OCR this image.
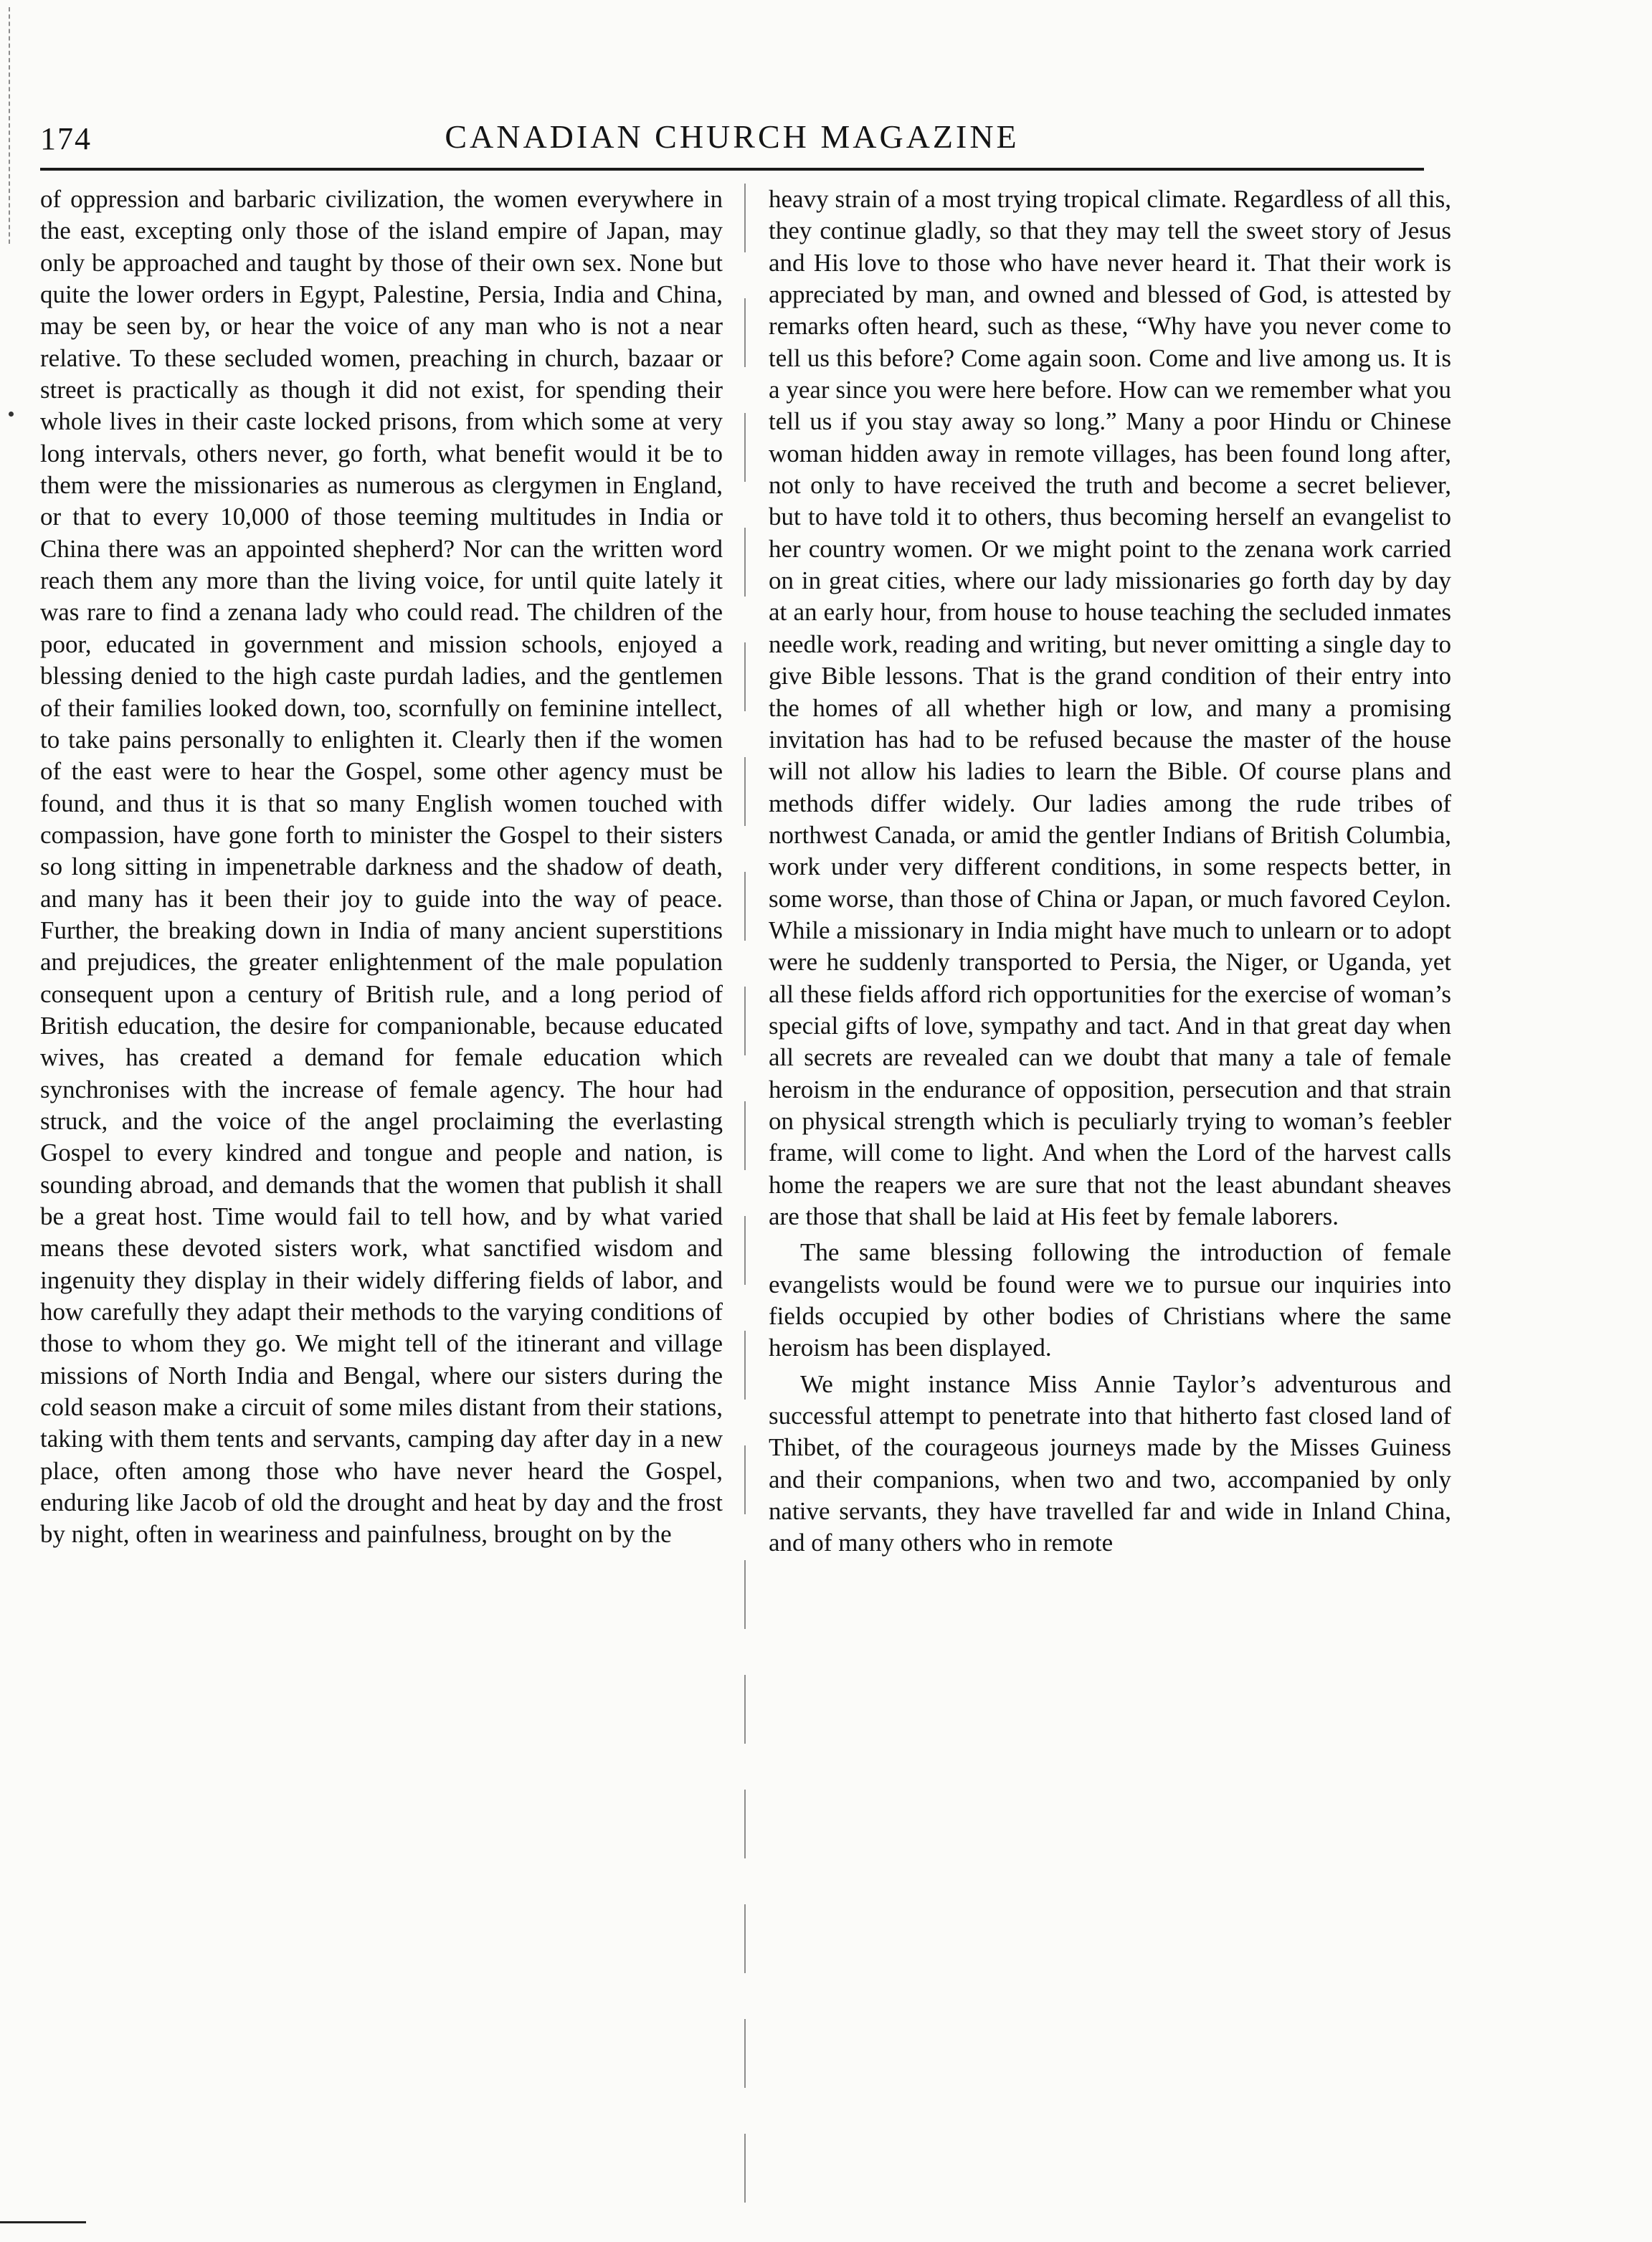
174	CANADIAN CHURCH MAGAZINE

of oppression and barbaric civilization, the women everywhere in the east, excepting only those of the island empire of Japan, may only be approached and taught by those of their own sex. None but quite the lower orders in Egypt, Palestine, Persia, India and China, may be seen by, or hear the voice of any man who is not a near relative. To these secluded women, preaching in church, bazaar or street is practically as though it did not exist, for spending their whole lives in their caste locked prisons, from which some at very long intervals, others never, go forth, what benefit would it be to them were the missionaries as numerous as clergymen in England, or that to every 10,000 of those teeming multitudes in India or China there was an appointed shepherd? Nor can the written word reach them any more than the living voice, for until quite lately it was rare to find a zenana lady who could read. The children of the poor, educated in government and mission schools, enjoyed a blessing denied to the high caste purdah ladies, and the gentlemen of their families looked down, too, scornfully on feminine intellect, to take pains personally to enlighten it. Clearly then if the women of the east were to hear the Gospel, some other agency must be found, and thus it is that so many English women touched with compassion, have gone forth to minister the Gospel to their sisters so long sitting in impenetrable darkness and the shadow of death, and many has it been their joy to guide into the way of peace. Further, the breaking down in India of many ancient superstitions and prejudices, the greater enlightenment of the male population consequent upon a century of British rule, and a long period of British education, the desire for companionable, because educated wives, has created a demand for female education which synchronises with the increase of female agency. The hour had struck, and the voice of the angel proclaiming the everlasting Gospel to every kindred and tongue and people and nation, is sounding abroad, and demands that the women that publish it shall be a great host. Time would fail to tell how, and by what varied means these devoted sisters work, what sanctified wisdom and ingenuity they display in their widely differing fields of labor, and how carefully they adapt their methods to the varying conditions of those to whom they go. We might tell of the itinerant and village missions of North India and Bengal, where our sisters during the cold season make a circuit of some miles distant from their stations, taking with them tents and servants, camping day after day in a new place, often among those who have never heard the Gospel, enduring like Jacob of old the drought and heat by day and the frost by night, often in weariness and painfulness, brought on by the

heavy strain of a most trying tropical climate. Regardless of all this, they continue gladly, so that they may tell the sweet story of Jesus and His love to those who have never heard it. That their work is appreciated by man, and owned and blessed of God, is attested by remarks often heard, such as these, “Why have you never come to tell us this before? Come again soon. Come and live among us. It is a year since you were here before. How can we remember what you tell us if you stay away so long.” Many a poor Hindu or Chinese woman hidden away in remote villages, has been found long after, not only to have received the truth and become a secret believer, but to have told it to others, thus becoming herself an evangelist to her country women. Or we might point to the zenana work carried on in great cities, where our lady missionaries go forth day by day at an early hour, from house to house teaching the secluded inmates needle work, reading and writing, but never omitting a single day to give Bible lessons. That is the grand condition of their entry into the homes of all whether high or low, and many a promising invitation has had to be refused because the master of the house will not allow his ladies to learn the Bible. Of course plans and methods differ widely. Our ladies among the rude tribes of northwest Canada, or amid the gentler Indians of British Columbia, work under very different conditions, in some respects better, in some worse, than those of China or Japan, or much favored Ceylon. While a missionary in India might have much to unlearn or to adopt were he suddenly transported to Persia, the Niger, or Uganda, yet all these fields afford rich opportunities for the exercise of woman’s special gifts of love, sympathy and tact. And in that great day when all secrets are revealed can we doubt that many a tale of female heroism in the endurance of opposition, persecution and that strain on physical strength which is peculiarly trying to woman’s feebler frame, will come to light. And when the Lord of the harvest calls home the reapers we are sure that not the least abundant sheaves are those that shall be laid at His feet by female laborers.

The same blessing following the introduction of female evangelists would be found were we to pursue our inquiries into fields occupied by other bodies of Christians where the same heroism has been displayed.

We might instance Miss Annie Taylor’s adventurous and successful attempt to penetrate into that hitherto fast closed land of Thibet, of the courageous journeys made by the Misses Guiness and their companions, when two and two, accompanied by only native servants, they have travelled far and wide in Inland China, and of many others who in remote
